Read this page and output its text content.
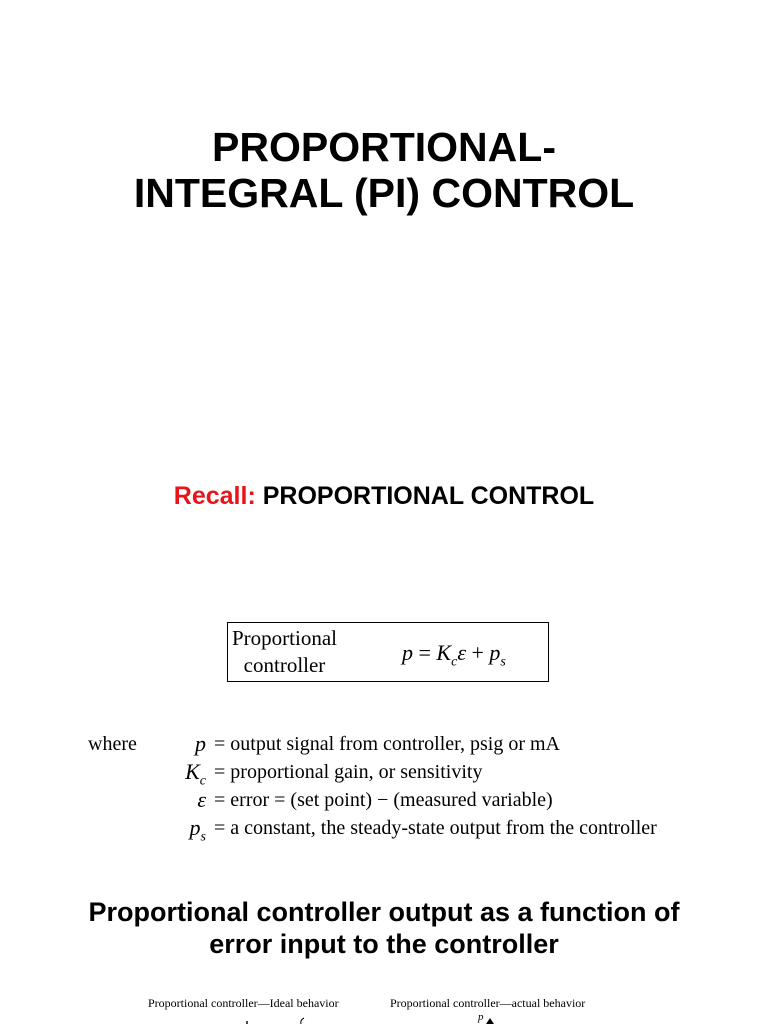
PROPORTIONAL-
INTEGRAL (PI) CONTROL
Recall: PROPORTIONAL CONTROL
Proportional
controller	$p = K_c\varepsilon + p_s$
where	p = output signal from controller, psig or mA
$K_c$ = proportional gain, or sensitivity
ε = error = (set point) − (measured variable)
$p_s = a$ constant, the steady-state output from the controller
Proportional controller output as a function of
error input to the controller
Proportional controller—Ideal behavior	Proportional controller—actual behavior
p
